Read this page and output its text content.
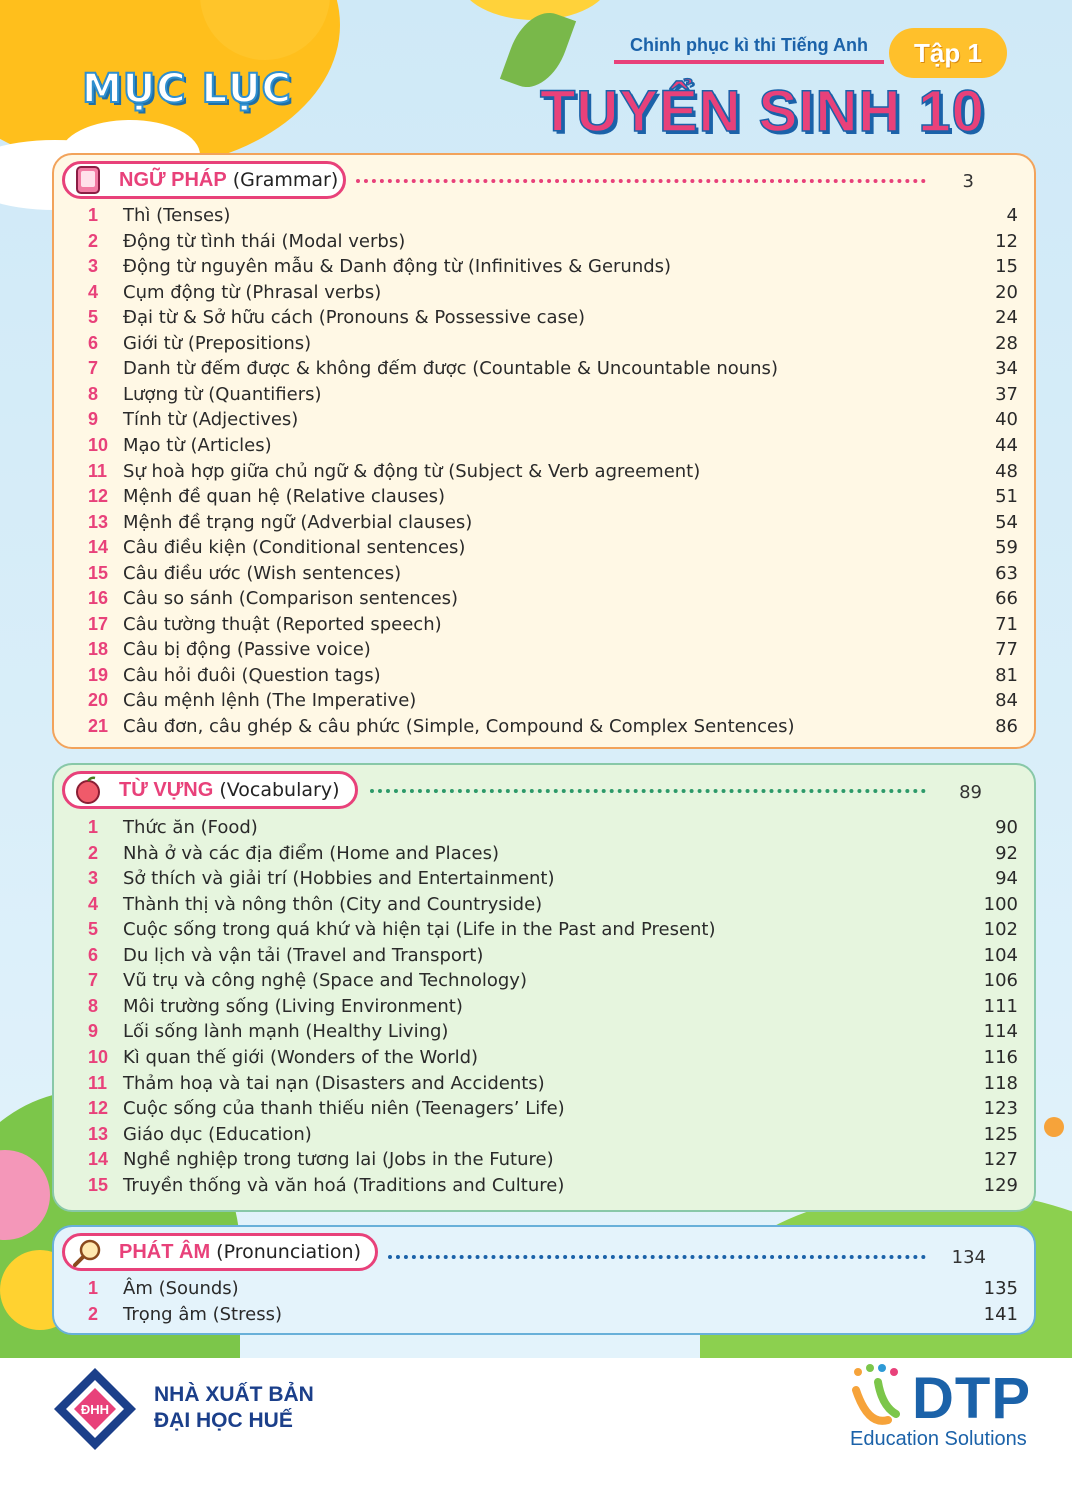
MỤC LỤC
Chinh phục kì thi Tiếng Anh	Tập 1
TUYỂN SINH 10
NGỮ PHÁP (Grammar)	3
1	Thì (Tenses)	4
2	Động từ tình thái (Modal verbs)	12
3	Động từ nguyên mẫu & Danh động từ (Infinitives & Gerunds)	15
4	Cụm động từ (Phrasal verbs)	20
5	Đại từ & Sở hữu cách (Pronouns & Possessive case)	24
6	Giới từ (Prepositions)	28
7	Danh từ đếm được & không đếm được (Countable & Uncountable nouns)	34
8	Lượng từ (Quantifiers)	37
9	Tính từ (Adjectives)	40
10 Mạo từ (Articles)	44
11 Sự hoà hợp giữa chủ ngữ & động từ (Subject & Verb agreement)	48
12 Mệnh đề quan hệ (Relative clauses)	51
13 Mệnh đề trạng ngữ (Adverbial clauses)	54
14 Câu điều kiện (Conditional sentences)	59
15 Câu điều ước (Wish sentences)	63
16 Câu so sánh (Comparison sentences)	66
17 Câu tường thuật (Reported speech)	71
18 Câu bị động (Passive voice)	77
19 Câu hỏi đuôi (Question tags)	81
20 Câu mệnh lệnh (The Imperative)	84
21 Câu đơn, câu ghép & câu phức (Simple, Compound & Complex Sentences)	86
TỪ VỰNG (Vocabulary)	89
1	Thức ăn (Food)	90
2	Nhà ở và các địa điểm (Home and Places)	92
3	Sở thích và giải trí (Hobbies and Entertainment)	94
4	Thành thị và nông thôn (City and Countryside)	100
5	Cuộc sống trong quá khứ và hiện tại (Life in the Past and Present)	102
6	Du lịch và vận tải (Travel and Transport)	104
7	Vũ trụ và công nghệ (Space and Technology)	106
8	Môi trường sống (Living Environment)	111
9	Lối sống lành mạnh (Healthy Living)	114
10 Kì quan thế giới (Wonders of the World)	116
11 Thảm hoạ và tai nạn (Disasters and Accidents)	118
12 Cuộc sống của thanh thiếu niên (Teenagers’ Life)	123
13 Giáo dục (Education)	125
14 Nghề nghiệp trong tương lai (Jobs in the Future)	127
15 Truyền thống và văn hoá (Traditions and Culture)	129
PHÁT ÂM (Pronunciation)	134
1	Âm (Sounds)	135
2	Trọng âm (Stress)	141
ĐHH
NHÀ XUẤT BẢN
ĐẠI HỌC HUẾ	DTP
Education Solutions
